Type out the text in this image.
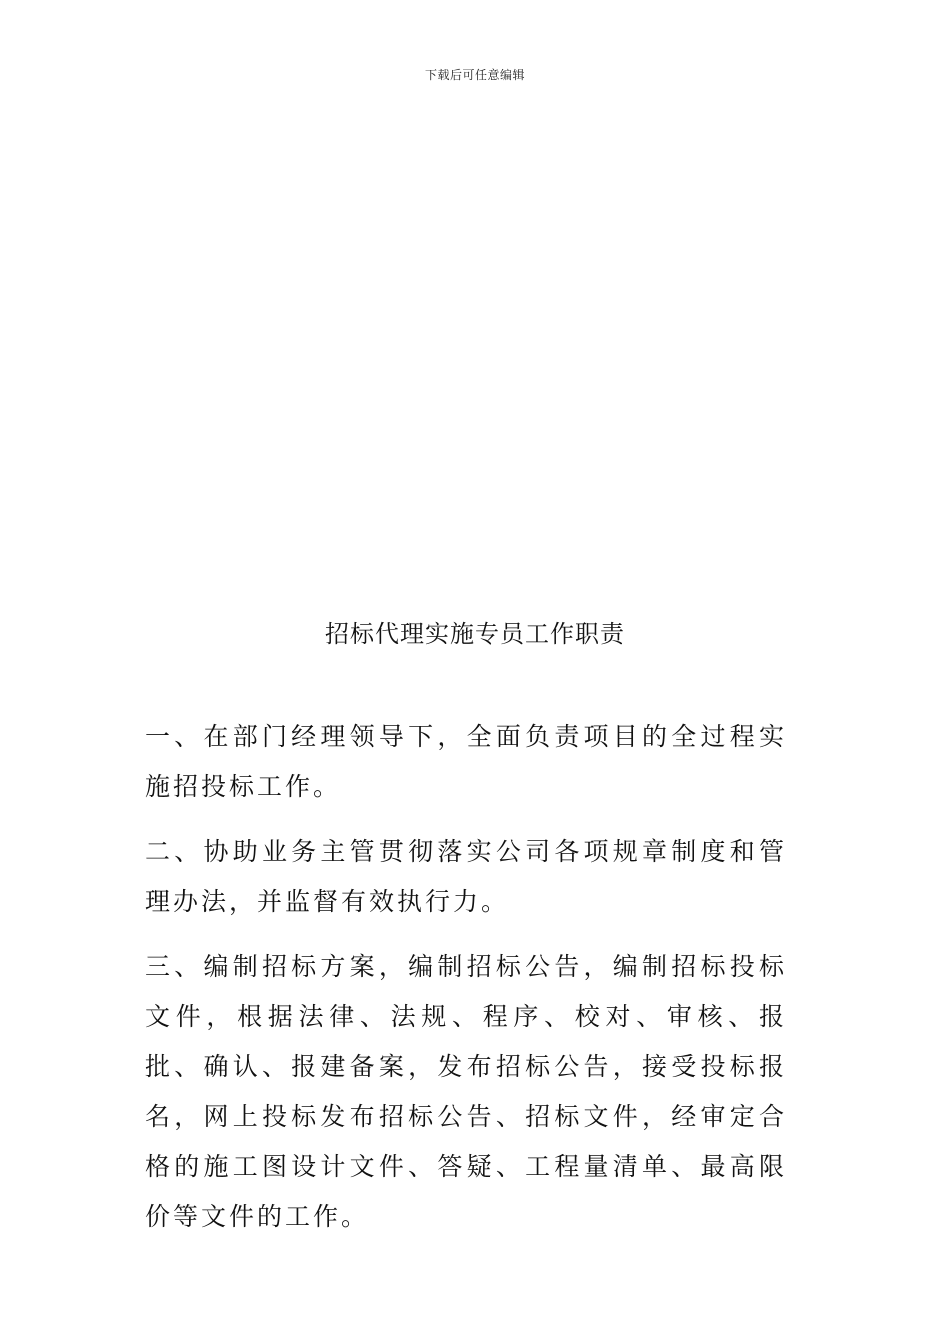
下载后可任意编辑
招标代理实施专员工作职责

一、在部门经理领导下，全面负责项目的全过程实施招投标工作。

二、协助业务主管贯彻落实公司各项规章制度和管理办法，并监督有效执行力。

三、编制招标方案，编制招标公告，编制招标投标文件，根据法律、法规、程序、校对、审核、报批、确认、报建备案，发布招标公告，接受投标报名，网上投标发布招标公告、招标文件，经审定合格的施工图设计文件、答疑、工程量清单、最高限价等文件的工作。
